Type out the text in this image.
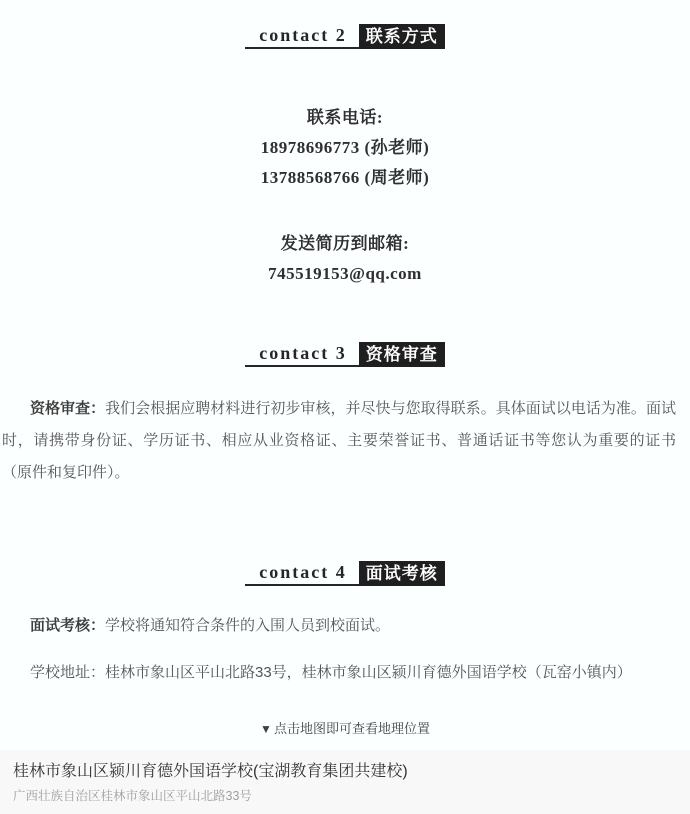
contact 2	联系方式
联系电话:
18978696773 (孙老师)
13788568766 (周老师)
发送简历到邮箱:
745519153@qq.com
contact 3	资格审查

资格审查：我们会根据应聘材料进行初步审核，并尽快与您取得联系。具体面试以电话为准。面试时，请携带身份证、学历证书、相应从业资格证、主要荣誉证书、普通话证书等您认为重要的证书（原件和复印件）。

contact 4	面试考核

面试考核：学校将通知符合条件的入围人员到校面试。

学校地址：桂林市象山区平山北路33号，桂林市象山区颍川育德外国语学校（瓦窑小镇内）

▼ 点击地图即可查看地理位置
桂林市象山区颍川育德外国语学校(宝湖教育集团共建校)
广西壮族自治区桂林市象山区平山北路33号
